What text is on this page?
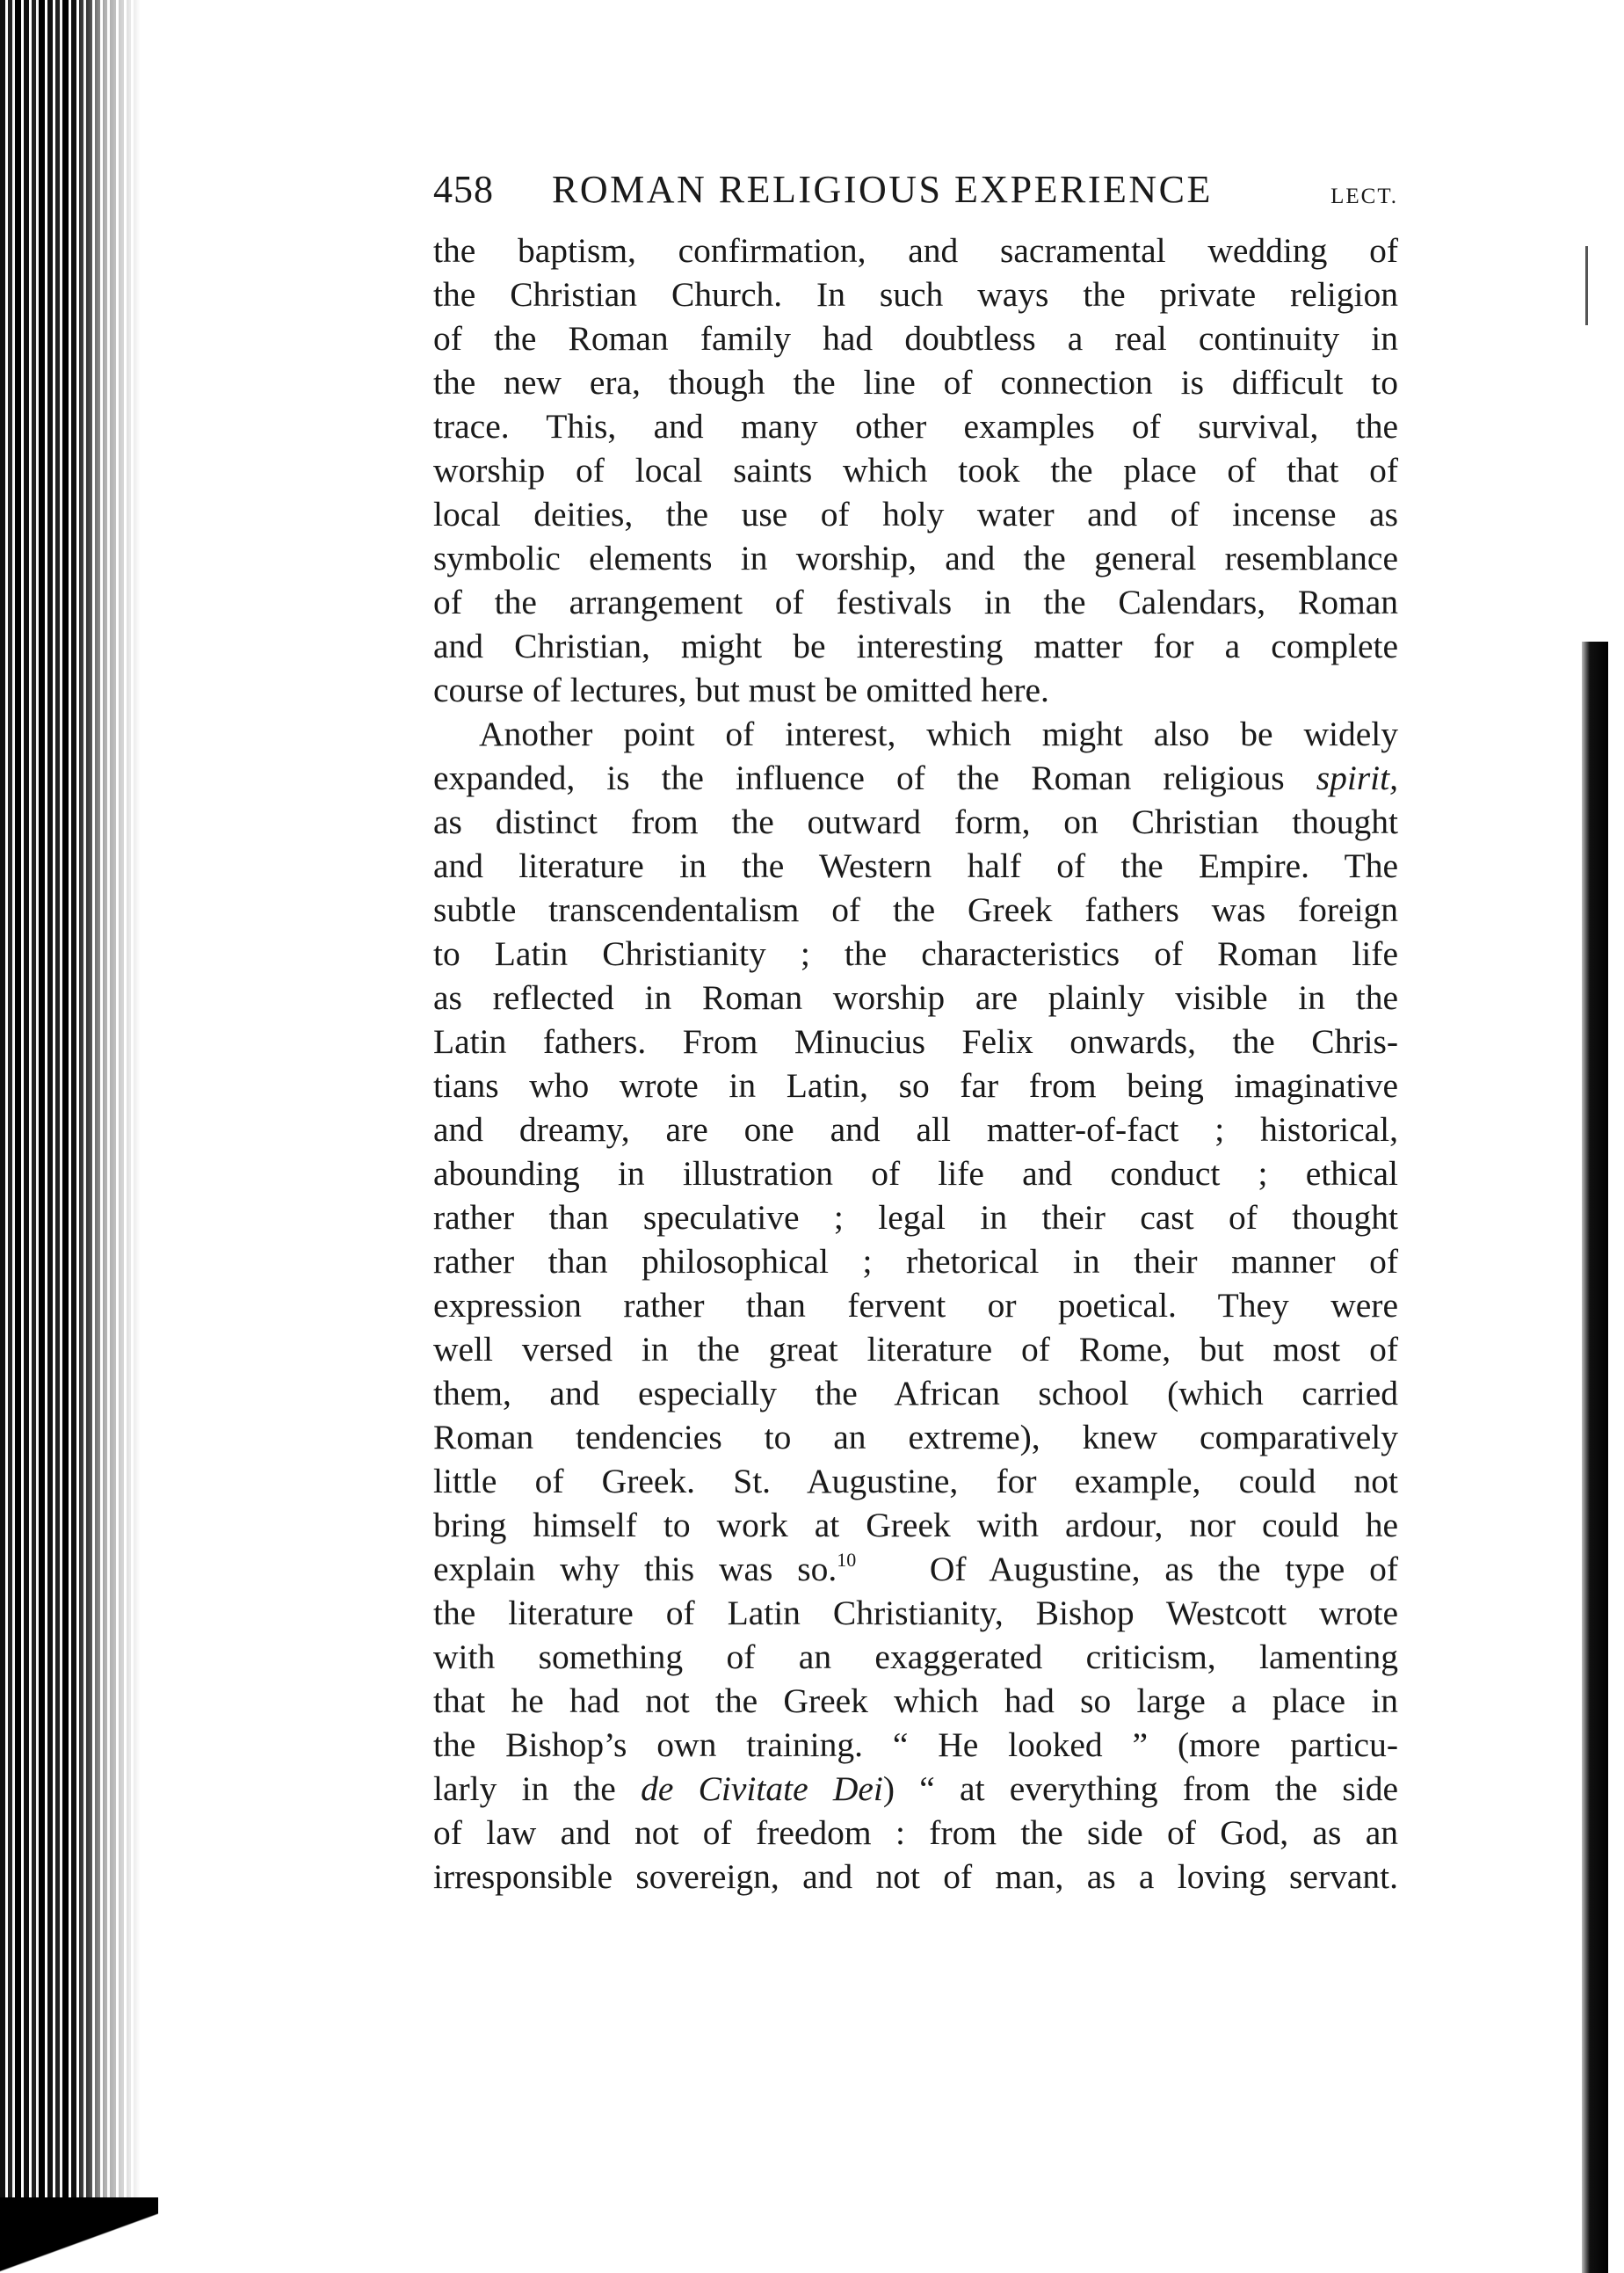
458 ROMAN RELIGIOUS EXPERIENCE	LECT.

the baptism, confirmation, and sacramental wedding of
the Christian Church. In such ways the private religion
of the Roman family had doubtless a real continuity in
the new era, though the line of connection is difficult to
trace. This, and many other examples of survival, the
worship of local saints which took the place of that of
local deities, the use of holy water and of incense as
symbolic elements in worship, and the general resemblance
of the arrangement of festivals in the Calendars, Roman
and Christian, might be interesting matter for a complete
course of lectures, but must be omitted here.

Another point of interest, which might also be widely
expanded, is the influence of the Roman religious spirit,
as distinct from the outward form, on Christian thought
and literature in the Western half of the Empire. The
subtle transcendentalism of the Greek fathers was foreign
to Latin Christianity ; the characteristics of Roman life
as reflected in Roman worship are plainly visible in the
Latin fathers. From Minucius Felix onwards, the Chris-
tians who wrote in Latin, so far from being imaginative
and dreamy, are one and all matter-of-fact ; historical,
abounding in illustration of life and conduct ; ethical
rather than speculative ; legal in their cast of thought
rather than philosophical ; rhetorical in their manner of
expression rather than fervent or poetical. They were
well versed in the great literature of Rome, but most of
them, and especially the African school (which carried
Roman tendencies to an extreme), knew comparatively
little of Greek. St. Augustine, for example, could not
bring himself to work at Greek with ardour, nor could he
explain why this was so.$^{10}$ Of Augustine, as the type of
the literature of Latin Christianity, Bishop Westcott wrote
with something of an exaggerated criticism, lamenting
that he had not the Greek which had so large a place in
the Bishop’s own training. “ He looked ” (more particu-
larly in the de Civitate Dei) “ at everything from the side
of law and not of freedom : from the side of God, as an
irresponsible sovereign, and not of man, as a loving servant.
